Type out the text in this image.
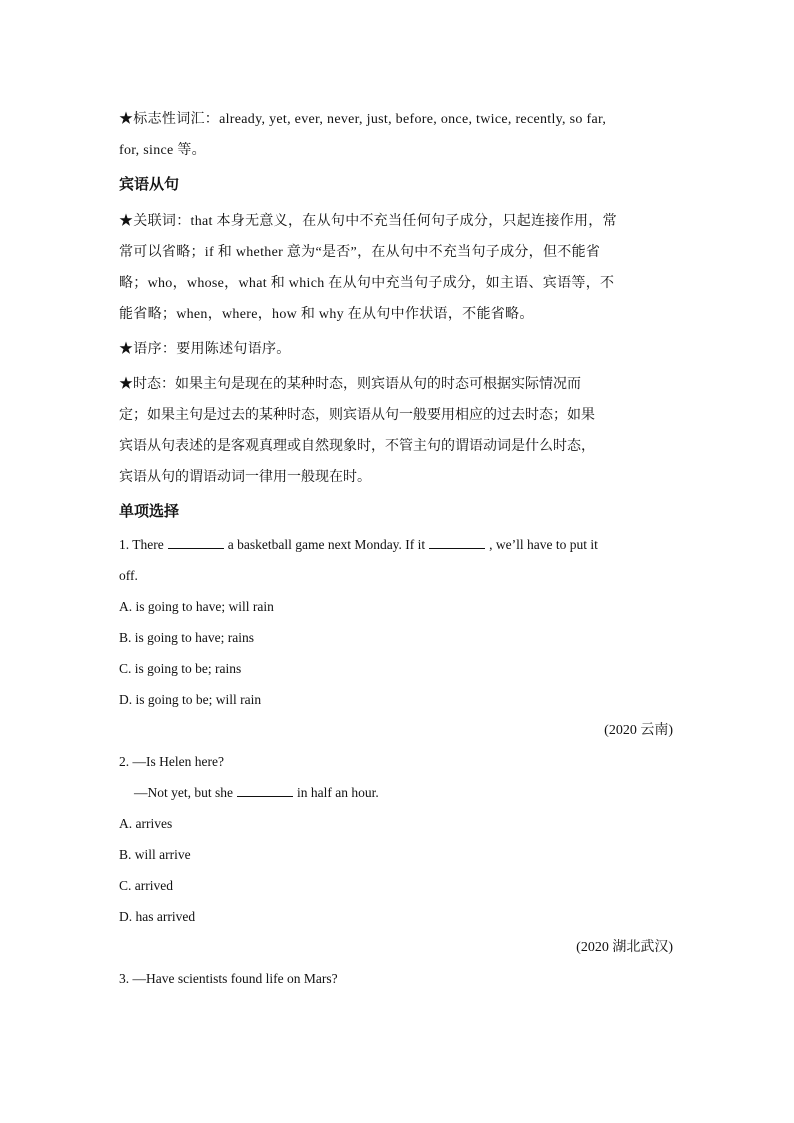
★标志性词汇：already, yet, ever, never, just, before, once, twice, recently, so far,

for, since 等。

宾语从句

★关联词：that 本身无意义，在从句中不充当任何句子成分，只起连接作用，常

常可以省略；if 和 whether 意为“是否”，在从句中不充当句子成分，但不能省

略；who，whose，what 和 which 在从句中充当句子成分，如主语、宾语等，不

能省略；when，where，how 和 why 在从句中作状语，不能省略。

★语序：要用陈述句语序。

★时态：如果主句是现在的某种时态，则宾语从句的时态可根据实际情况而

定；如果主句是过去的某种时态，则宾语从句一般要用相应的过去时态；如果

宾语从句表述的是客观真理或自然现象时，不管主句的谓语动词是什么时态，

宾语从句的谓语动词一律用一般现在时。

单项选择

1. There	a basketball game next Monday. If it	, we’ll have to put it

off.

A. is going to have; will rain

B. is going to have; rains

C. is going to be; rains

D. is going to be; will rain

(2020 云南)

2. —Is Helen here?

—Not yet, but she	in half an hour.

A. arrives

B. will arrive

C. arrived

D. has arrived

(2020 湖北武汉)

3. —Have scientists found life on Mars?
